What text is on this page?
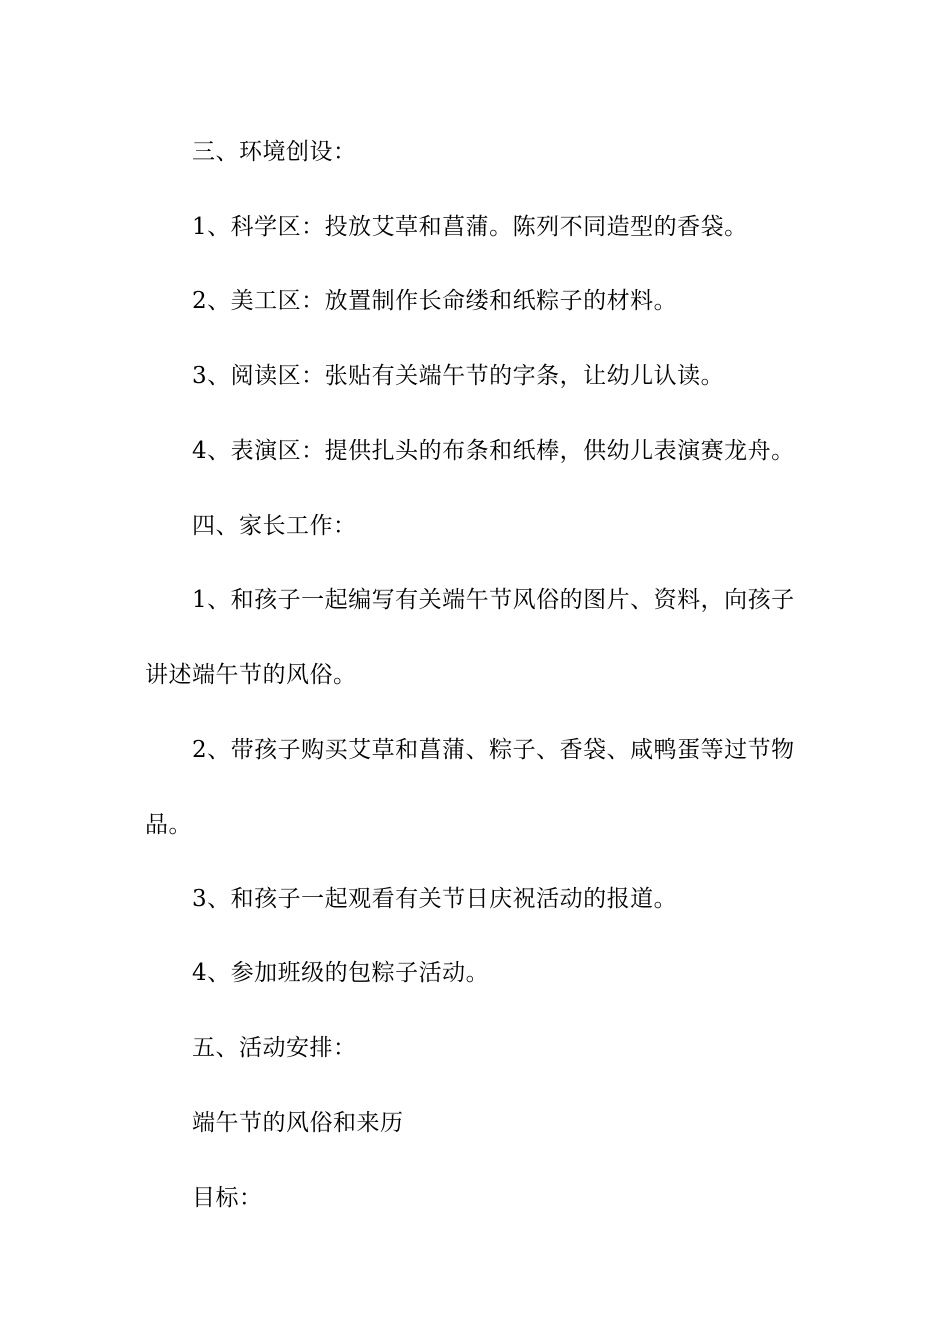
三、环境创设：
1、科学区：投放艾草和菖蒲。陈列不同造型的香袋。
2、美工区：放置制作长命缕和纸粽子的材料。
3、阅读区：张贴有关端午节的字条，让幼儿认读。
4、表演区：提供扎头的布条和纸棒，供幼儿表演赛龙舟。
四、家长工作：
1、和孩子一起编写有关端午节风俗的图片、资料，向孩子
讲述端午节的风俗。
2、带孩子购买艾草和菖蒲、粽子、香袋、咸鸭蛋等过节物
品。
3、和孩子一起观看有关节日庆祝活动的报道。
4、参加班级的包粽子活动。
五、活动安排：
端午节的风俗和来历
目标：
